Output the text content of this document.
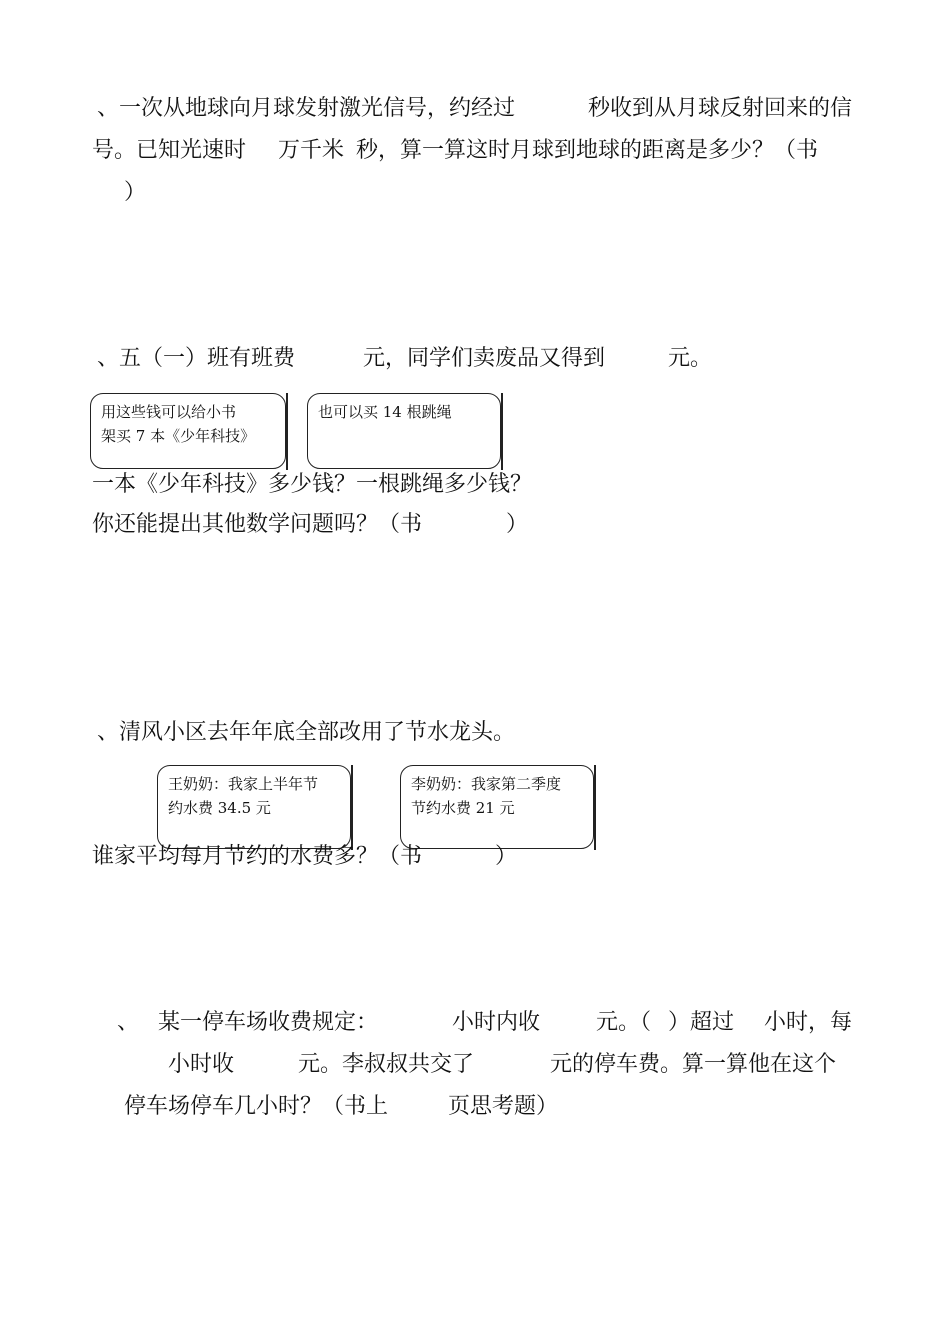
、一次从地球向月球发射激光信号，约经过	秒收到从月球反射回来的信
号。已知光速时 万千米 秒，算一算这时月球到地球的距离是多少？（书
）
、五（一）班有班费	元，同学们卖废品又得到	元。
用这些钱可以给小书
架买 7 本《少年科技》
也可以买 14 根跳绳
一本《少年科技》多少钱？一根跳绳多少钱？
你还能提出其他数学问题吗？（书	）
、清风小区去年年底全部改用了节水龙头。
王奶奶：我家上半年节
约水费 34.5 元
李奶奶：我家第二季度
节约水费 21 元
谁家平均每月节约的水费多？（书	）
、 某一停车场收费规定：	小时内收	元。（ ）超过 小时，每
小时收	元。李叔叔共交了	元的停车费。算一算他在这个
停车场停车几小时？（书上	页思考题）
